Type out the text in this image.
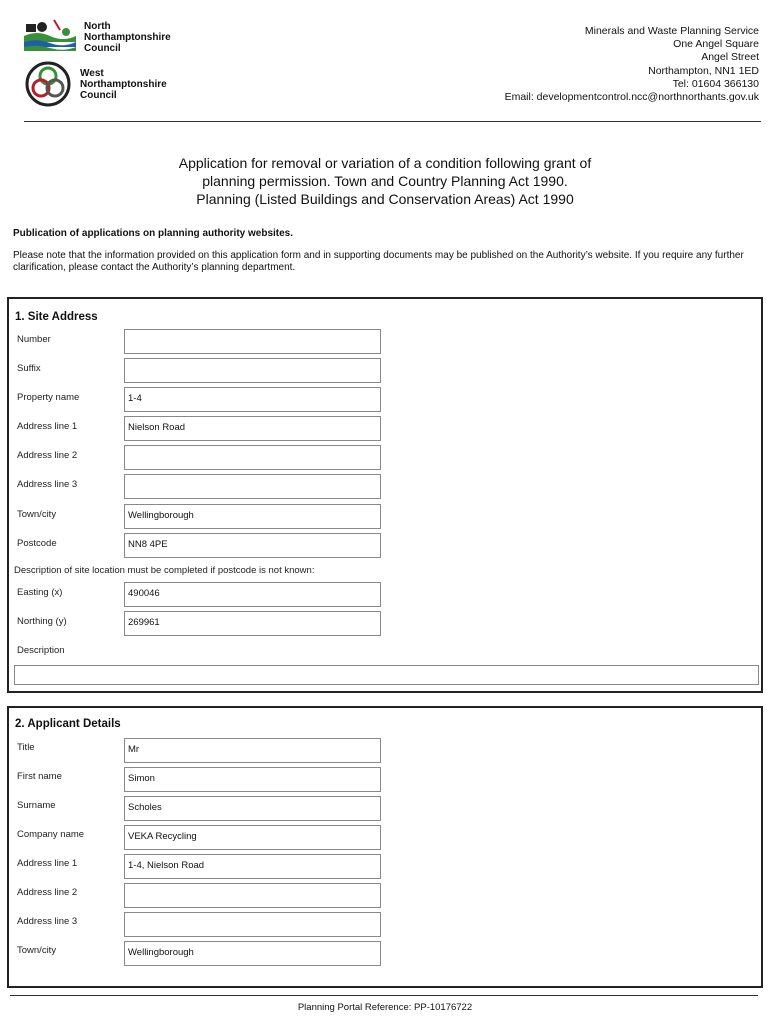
North
Northamptonshire
Council
West
Northamptonshire
Council
Minerals and Waste Planning Service
One Angel Square
Angel Street
Northampton, NN1 1ED
Tel: 01604 366130
Email: developmentcontrol.ncc@northnorthants.gov.uk
Application for removal or variation of a condition following grant of
planning permission. Town and Country Planning Act 1990.
Planning (Listed Buildings and Conservation Areas) Act 1990
Publication of applications on planning authority websites.
Please note that the information provided on this application form and in supporting documents may be published on the Authority’s website. If you require any further clarification, please contact the Authority’s planning department.
1. Site Address
Number
Suffix
Property name	1-4
Address line 1	Nielson Road
Address line 2
Address line 3
Town/city	Wellingborough
Postcode	NN8 4PE
Description of site location must be completed if postcode is not known:
Easting (x)	490046
Northing (y)	269961
Description
2. Applicant Details
Title	Mr
First name	Simon
Surname	Scholes
Company name	VEKA Recycling
Address line 1	1-4, Nielson Road
Address line 2
Address line 3
Town/city	Wellingborough
Planning Portal Reference: PP-10176722
